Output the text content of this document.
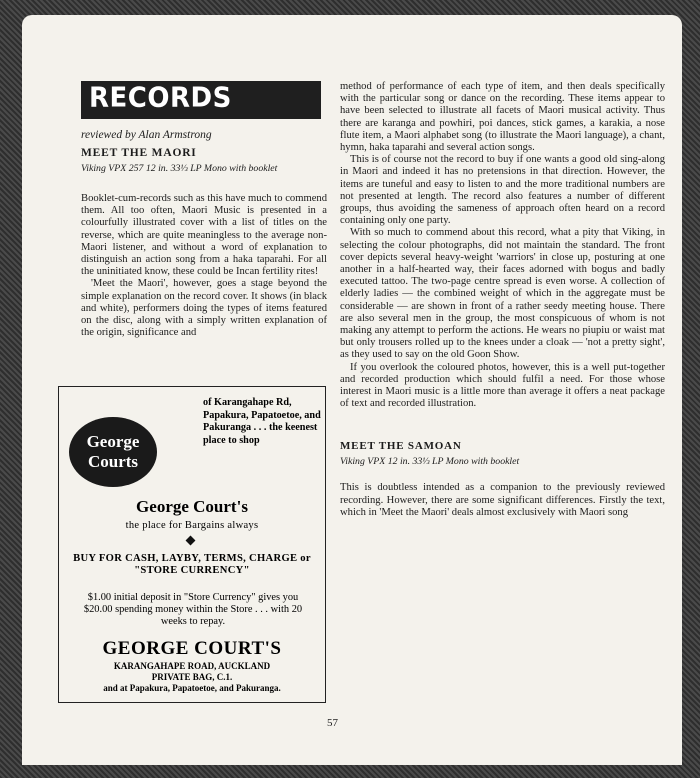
RECORDS
reviewed by Alan Armstrong
MEET THE MAORI
Viking VPX 257 12 in. 33⅓ LP Mono with booklet

Booklet-cum-records such as this have much to commend them. All too often, Maori Music is presented in a colourfully illustrated cover with a list of titles on the reverse, which are quite meaningless to the average non-Maori listener, and without a word of explanation to distinguish an action song from a haka taparahi. For all the uninitiated know, these could be Incan fertility rites!

'Meet the Maori', however, goes a stage beyond the simple explanation on the record cover. It shows (in black and white), performers doing the types of items featured on the disc, along with a simply written explanation of the origin, significance and

George
Courts
of Karangahape Rd, Papakura, Papatoetoe, and Pakuranga . . . the keenest place to shop
George Court's
the place for Bargains always
BUY FOR CASH, LAYBY, TERMS, CHARGE or "STORE CURRENCY"
$1.00 initial deposit in "Store Currency" gives you $20.00 spending money within the Store . . . with 20 weeks to repay.
GEORGE COURT'S
KARANGAHAPE ROAD, AUCKLAND
PRIVATE BAG, C.1.
and at Papakura, Papatoetoe, and Pakuranga.

method of performance of each type of item, and then deals specifically with the particular song or dance on the recording. These items appear to have been selected to illustrate all facets of Maori musical activity. Thus there are karanga and powhiri, poi dances, stick games, a karakia, a nose flute item, a Maori alphabet song (to illustrate the Maori language), a chant, hymn, haka taparahi and several action songs.

This is of course not the record to buy if one wants a good old sing-along in Maori and indeed it has no pretensions in that direction. However, the items are tuneful and easy to listen to and the more traditional numbers are not presented at length. The record also features a number of different groups, thus avoiding the sameness of approach often heard on a record containing only one party.

With so much to commend about this record, what a pity that Viking, in selecting the colour photographs, did not maintain the standard. The front cover depicts several heavy-weight 'warriors' in close up, posturing at one another in a half-hearted way, their faces adorned with bogus and badly executed tattoo. The two-page centre spread is even worse. A collection of elderly ladies — the combined weight of which in the aggregate must be considerable — are shown in front of a rather seedy meeting house. There are also several men in the group, the most conspicuous of whom is not making any attempt to perform the actions. He wears no piupiu or waist mat but only trousers rolled up to the knees under a cloak — 'not a pretty sight', as they used to say on the old Goon Show.

If you overlook the coloured photos, however, this is a well put-together and recorded production which should fulfil a need. For those whose interest in Maori music is a little more than average it offers a neat package of text and recorded illustration.

MEET THE SAMOAN
Viking VPX 12 in. 33⅓ LP Mono with booklet

This is doubtless intended as a companion to the previously reviewed recording. However, there are some significant differences. Firstly the text, which in 'Meet the Maori' deals almost exclusively with Maori song

57
